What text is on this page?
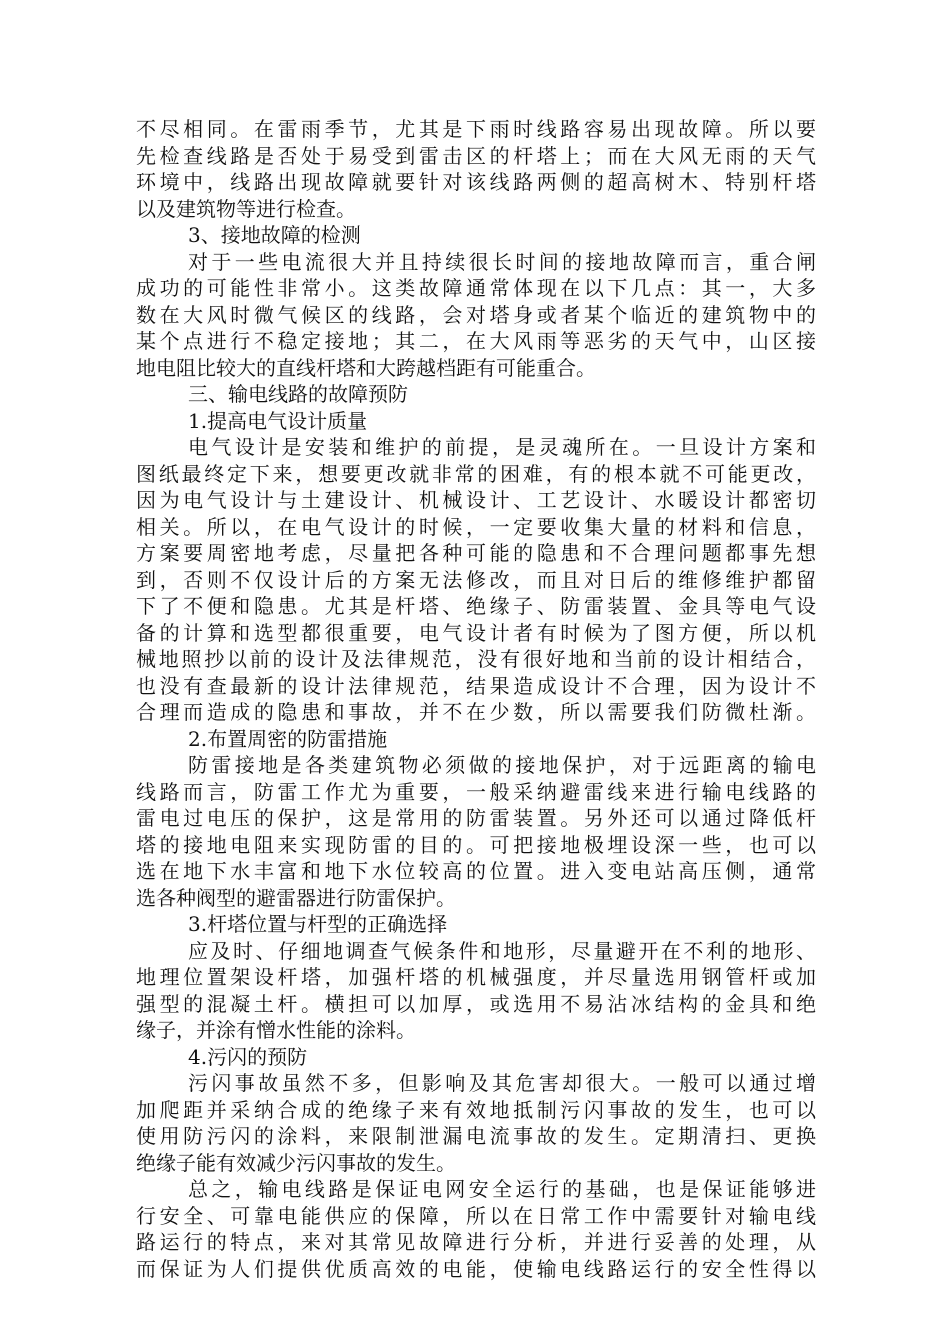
不尽相同。在雷雨季节，尤其是下雨时线路容易出现故障。所以要
先检查线路是否处于易受到雷击区的杆塔上；而在大风无雨的天气
环境中，线路出现故障就要针对该线路两侧的超高树木、特别杆塔
以及建筑物等进行检查。
3、接地故障的检测
对于一些电流很大并且持续很长时间的接地故障而言，重合闸
成功的可能性非常小。这类故障通常体现在以下几点：其一，大多
数在大风时微气候区的线路，会对塔身或者某个临近的建筑物中的
某个点进行不稳定接地；其二，在大风雨等恶劣的天气中，山区接
地电阻比较大的直线杆塔和大跨越档距有可能重合。
三、输电线路的故障预防
1.提高电气设计质量
电气设计是安装和维护的前提，是灵魂所在。一旦设计方案和
图纸最终定下来，想要更改就非常的困难，有的根本就不可能更改，
因为电气设计与土建设计、机械设计、工艺设计、水暖设计都密切
相关。所以，在电气设计的时候，一定要收集大量的材料和信息，
方案要周密地考虑，尽量把各种可能的隐患和不合理问题都事先想
到，否则不仅设计后的方案无法修改，而且对日后的维修维护都留
下了不便和隐患。尤其是杆塔、绝缘子、防雷装置、金具等电气设
备的计算和选型都很重要，电气设计者有时候为了图方便，所以机
械地照抄以前的设计及法律规范，没有很好地和当前的设计相结合，
也没有查最新的设计法律规范，结果造成设计不合理，因为设计不
合理而造成的隐患和事故，并不在少数，所以需要我们防微杜渐。
2.布置周密的防雷措施
防雷接地是各类建筑物必须做的接地保护，对于远距离的输电
线路而言，防雷工作尤为重要，一般采纳避雷线来进行输电线路的
雷电过电压的保护，这是常用的防雷装置。另外还可以通过降低杆
塔的接地电阻来实现防雷的目的。可把接地极埋设深一些，也可以
选在地下水丰富和地下水位较高的位置。进入变电站高压侧，通常
选各种阀型的避雷器进行防雷保护。
3.杆塔位置与杆型的正确选择
应及时、仔细地调查气候条件和地形，尽量避开在不利的地形、
地理位置架设杆塔，加强杆塔的机械强度，并尽量选用钢管杆或加
强型的混凝土杆。横担可以加厚，或选用不易沾冰结构的金具和绝
缘子，并涂有憎水性能的涂料。
4.污闪的预防
污闪事故虽然不多，但影响及其危害却很大。一般可以通过增
加爬距并采纳合成的绝缘子来有效地抵制污闪事故的发生，也可以
使用防污闪的涂料，来限制泄漏电流事故的发生。定期清扫、更换
绝缘子能有效减少污闪事故的发生。
总之，输电线路是保证电网安全运行的基础，也是保证能够进
行安全、可靠电能供应的保障，所以在日常工作中需要针对输电线
路运行的特点，来对其常见故障进行分析，并进行妥善的处理，从
而保证为人们提供优质高效的电能，使输电线路运行的安全性得以
